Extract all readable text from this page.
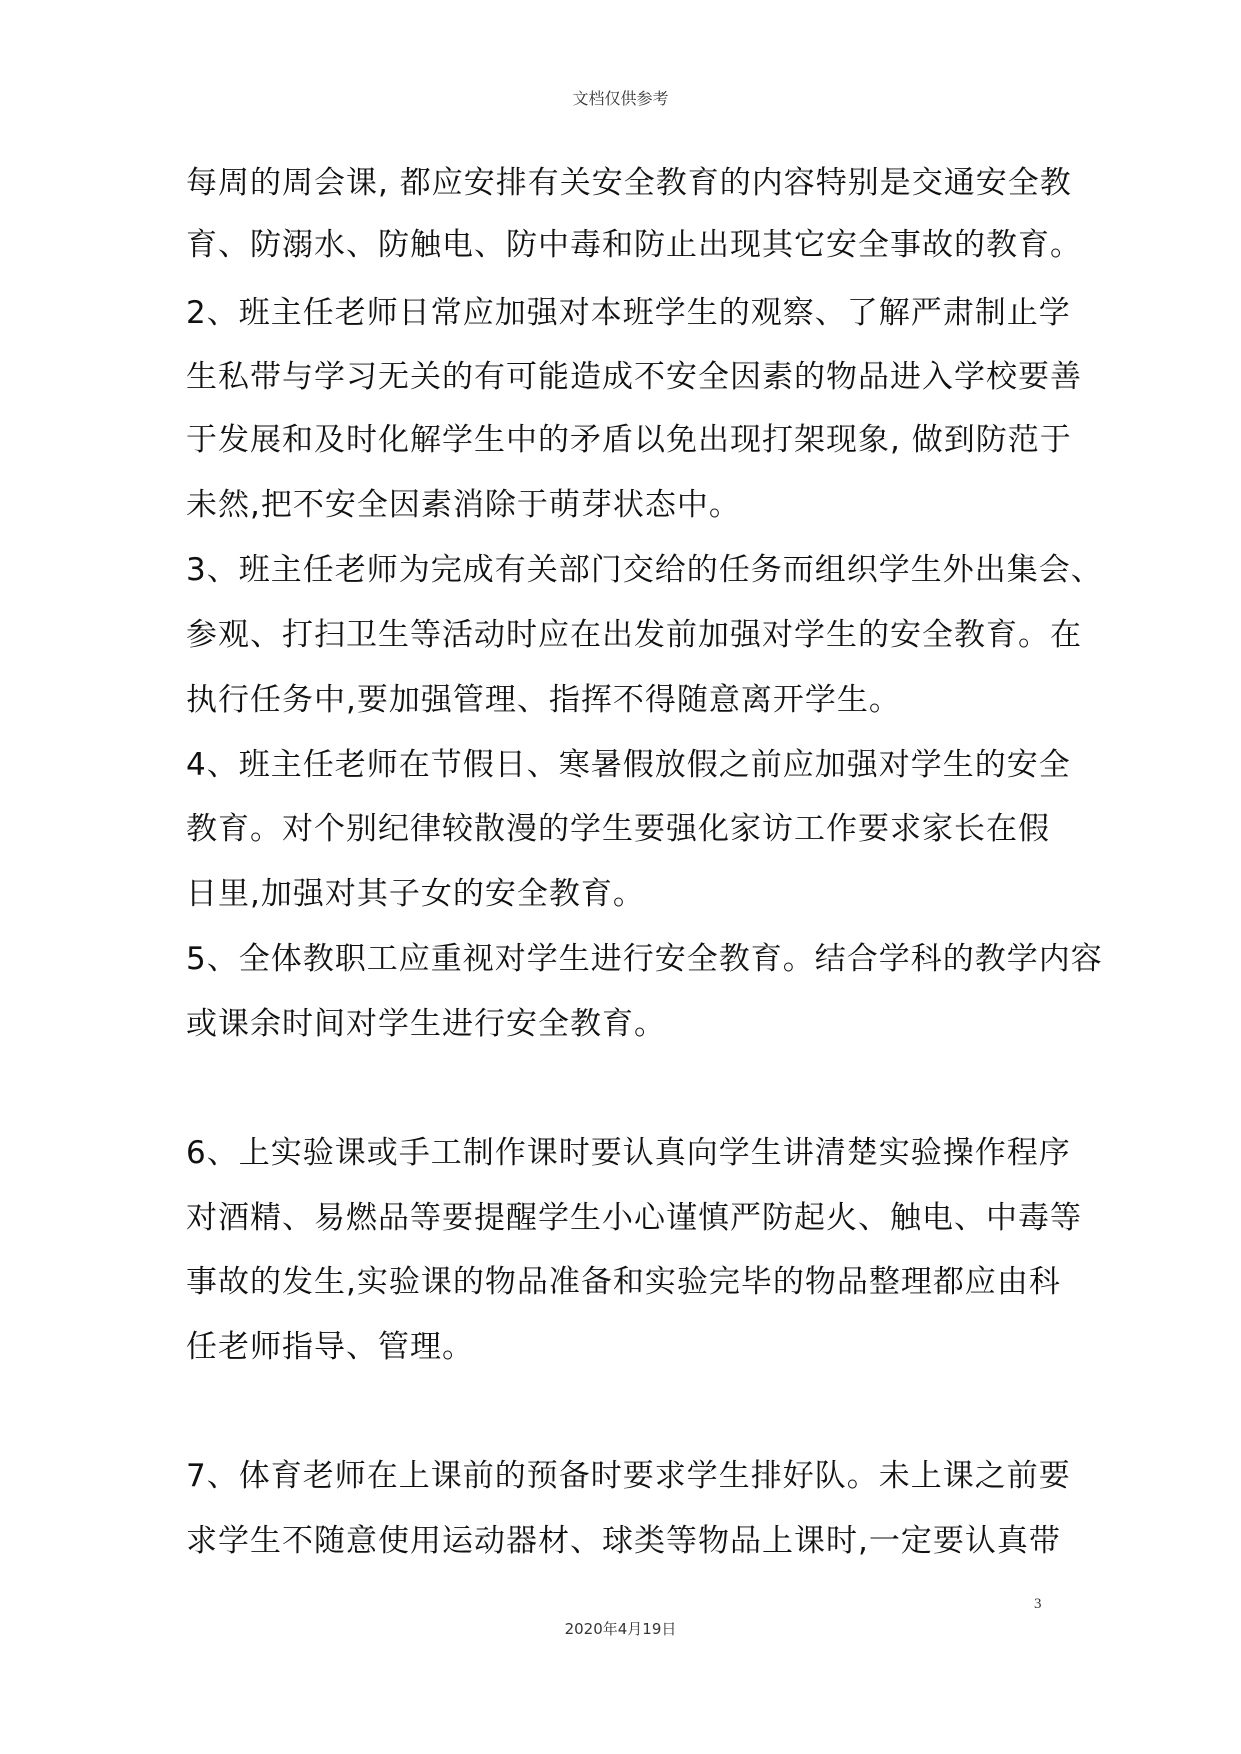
文档仅供参考
每周的周会课, 都应安排有关安全教育的内容特别是交通安全教
育、防溺水、防触电、防中毒和防止出现其它安全事故的教育。
2、班主任老师日常应加强对本班学生的观察、了解严肃制止学
生私带与学习无关的有可能造成不安全因素的物品进入学校要善
于发展和及时化解学生中的矛盾以免出现打架现象, 做到防范于
未然,把不安全因素消除于萌芽状态中。
3、班主任老师为完成有关部门交给的任务而组织学生外出集会、
参观、打扫卫生等活动时应在出发前加强对学生的安全教育。在
执行任务中,要加强管理、指挥不得随意离开学生。
4、班主任老师在节假日、寒暑假放假之前应加强对学生的安全
教育。对个别纪律较散漫的学生要强化家访工作要求家长在假
日里,加强对其子女的安全教育。
5、全体教职工应重视对学生进行安全教育。结合学科的教学内容
或课余时间对学生进行安全教育。
6、上实验课或手工制作课时要认真向学生讲清楚实验操作程序
对酒精、易燃品等要提醒学生小心谨慎严防起火、触电、中毒等
事故的发生,实验课的物品准备和实验完毕的物品整理都应由科
任老师指导、管理。
7、体育老师在上课前的预备时要求学生排好队。未上课之前要
求学生不随意使用运动器材、球类等物品上课时,一定要认真带
3
2020年4月19日
